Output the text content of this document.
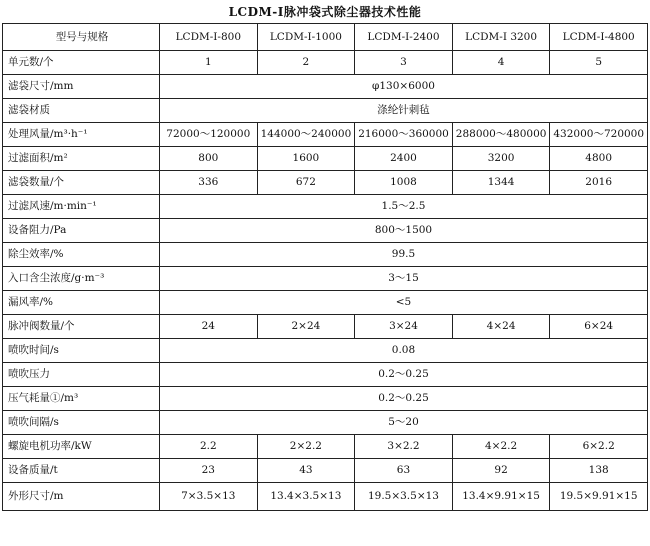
LCDM-Ⅰ脉冲袋式除尘器技术性能
型号与规格	LCDM-Ⅰ-800	LCDM-Ⅰ-1000	LCDM-Ⅰ-2400	LCDM-Ⅰ 3200	LCDM-Ⅰ-4800
单元数/个	1	2	3	4	5
滤袋尺寸/mm	φ130×6000				
滤袋材质	涤纶针刺毡				
处理风量/m³·h⁻¹	72000～120000	144000～240000	216000～360000	288000～480000	432000～720000
过滤面积/m²	800	1600	2400	3200	4800
滤袋数量/个	336	672	1008	1344	2016
过滤风速/m·min⁻¹	1.5～2.5				
设备阻力/Pa	800～1500				
除尘效率/%	99.5				
入口含尘浓度/g·m⁻³	3～15				
漏风率/%	<5				
脉冲阀数量/个	24	2×24	3×24	4×24	6×24
喷吹时间/s	0.08				
喷吹压力	0.2～0.25				
压气耗量①/m³	0.2～0.25				
喷吹间隔/s	5～20				
螺旋电机功率/kW	2.2	2×2.2	3×2.2	4×2.2	6×2.2
设备质量/t	23	43	63	92	138
外形尺寸/m	7×3.5×13	13.4×3.5×13	19.5×3.5×13	13.4×9.91×15	19.5×9.91×15
